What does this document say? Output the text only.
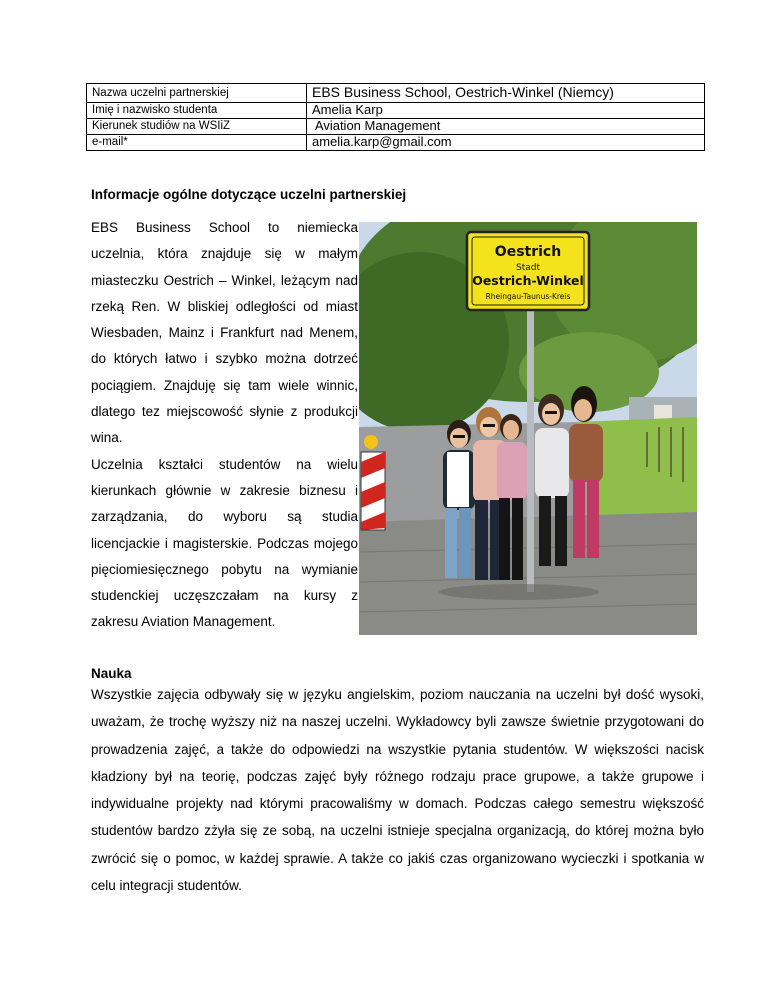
Nazwa uczelni partnerskiej	EBS Business School, Oestrich-Winkel (Niemcy)
Imię i nazwisko studenta	Amelia Karp
Kierunek studiów na WSIiZ	Aviation Management
e-mail*	amelia.karp@gmail.com
Informacje ogólne dotyczące uczelni partnerskiej

EBS Business School to niemiecka uczelnia, która znajduje się w małym miasteczku Oestrich – Winkel, leżącym nad rzeką Ren. W bliskiej odległości od miast Wiesbaden, Mainz i Frankfurt nad Menem, do których łatwo i szybko można dotrzeć pociągiem. Znajduję się tam wiele winnic, dlatego tez miejscowość słynie z produkcji wina.

Uczelnia kształci studentów na wielu kierunkach głównie w zakresie biznesu i zarządzania, do wyboru są studia licencjackie i magisterskie. Podczas mojego pięciomiesięcznego pobytu na wymianie studenckiej uczęszczałam na kursy z zakresu Aviation Management.

Oestrich
Stadt
Oestrich-Winkel
Rheingau-Taunus-Kreis
Nauka

Wszystkie zajęcia odbywały się w języku angielskim, poziom nauczania na uczelni był dość wysoki, uważam, że trochę wyższy niż na naszej uczelni. Wykładowcy byli zawsze świetnie przygotowani do prowadzenia zajęć, a także do odpowiedzi na wszystkie pytania studentów. W większości nacisk kładziony był na teorię, podczas zajęć były różnego rodzaju prace grupowe, a także grupowe i indywidualne projekty nad którymi pracowaliśmy w domach. Podczas całego semestru większość studentów bardzo zżyła się ze sobą, na uczelni istnieje specjalna organizacją, do której można było zwrócić się o pomoc, w każdej sprawie. A także co jakiś czas organizowano wycieczki i spotkania w celu integracji studentów.
